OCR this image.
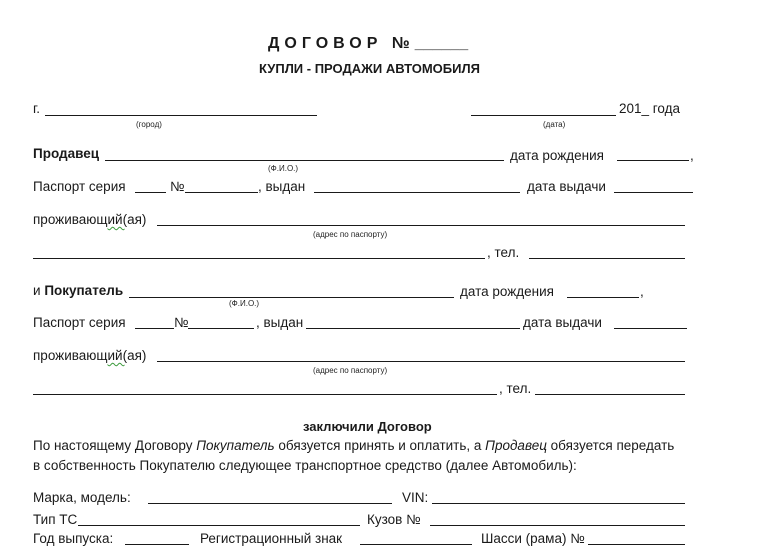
ДОГОВОР №______
КУПЛИ - ПРОДАЖИ АВТОМОБИЛЯ
г.
(город)
201_ года
(дата)
Продавец
(Ф.И.О.)
дата рождения	,
Паспорт серия	№	, выдан	дата выдачи
проживающий(ая)
(адрес по паспорту)
, тел.
и Покупатель
(Ф.И.О.)
дата рождения	,
Паспорт серия	№	, выдан	дата выдачи
проживающий(ая)
(адрес по паспорту)
, тел.
заключили Договор
По настоящему Договору Покупатель обязуется принять и оплатить, а Продавец обязуется передать
в собственность Покупателю следующее транспортное средство (далее Автомобиль):
Марка, модель:	VIN:
Тип ТС	Кузов №
Год выпуска:	Регистрационный знак	Шасси (рама) №
